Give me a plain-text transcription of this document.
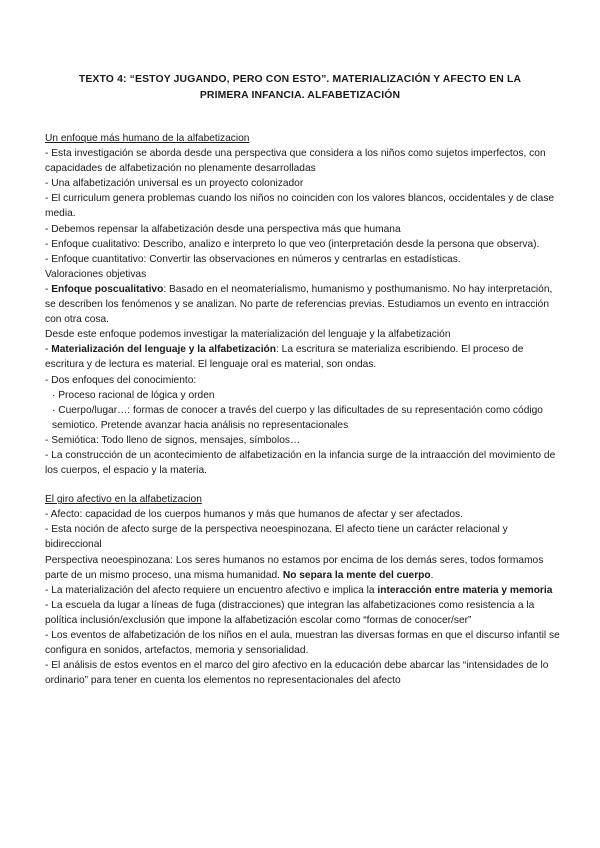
TEXTO 4: “ESTOY JUGANDO, PERO CON ESTO”. MATERIALIZACIÓN Y AFECTO EN LA PRIMERA INFANCIA. ALFABETIZACIÓN

Un enfoque más humano de la alfabetizacion

- Esta investigación se aborda desde una perspectiva que considera a los niños como sujetos imperfectos, con capacidades de alfabetización no plenamente desarrolladas

- Una alfabetización universal es un proyecto colonizador

- El curriculum genera problemas cuando los niños no coinciden con los valores blancos, occidentales y de clase media.

- Debemos repensar la alfabetización desde una perspectiva más que humana

- Enfoque cualitativo: Describo, analizo e interpreto lo que veo (interpretación desde la persona que observa).

- Enfoque cuantitativo: Convertir las observaciones en números y centrarlas en estadísticas.

Valoraciones objetivas

- Enfoque poscualitativo: Basado en el neomaterialismo, humanismo y posthumanismo. No hay interpretación, se describen los fenómenos y se analizan. No parte de referencias previas. Estudiamos un evento en intracción con otra cosa.

Desde este enfoque podemos investigar la materialización del lenguaje y la alfabetización

- Materialización del lenguaje y la alfabetización: La escritura se materializa escribiendo. El proceso de escritura y de lectura es material. El lenguaje oral es material, son ondas.

- Dos enfoques del conocimiento:

· Proceso racional de lógica y orden

· Cuerpo/lugar…: formas de conocer a través del cuerpo y las dificultades de su representación como código semiotico. Pretende avanzar hacia análisis no representacionales

- Semiótica: Todo lleno de signos, mensajes, símbolos…

- La construcción de un acontecimiento de alfabetización en la infancia surge de la intraacción del movimiento de los cuerpos, el espacio y la materia.

El giro afectivo en la alfabetizacion

- Afecto: capacidad de los cuerpos humanos y más que humanos de afectar y ser afectados.

- Esta noción de afecto surge de la perspectiva neoespinozana. El afecto tiene un carácter relacional y bidireccional

Perspectiva neoespinozana: Los seres humanos no estamos por encima de los demás seres, todos formamos parte de un mismo proceso, una misma humanidad. No separa la mente del cuerpo.

- La materialización del afecto requiere un encuentro afectivo e implica la interacción entre materia y memoria

- La escuela da lugar a líneas de fuga (distracciones) que integran las alfabetizaciones como resistencia a la política inclusión/exclusión que impone la alfabetización escolar como “formas de conocer/ser”

- Los eventos de alfabetización de los niños en el aula, muestran las diversas formas en que el discurso infantil se configura en sonidos, artefactos, memoria y sensorialidad.

- El análisis de estos eventos en el marco del giro afectivo en la educación debe abarcar las “intensidades de lo ordinario” para tener en cuenta los elementos no representacionales del afecto
